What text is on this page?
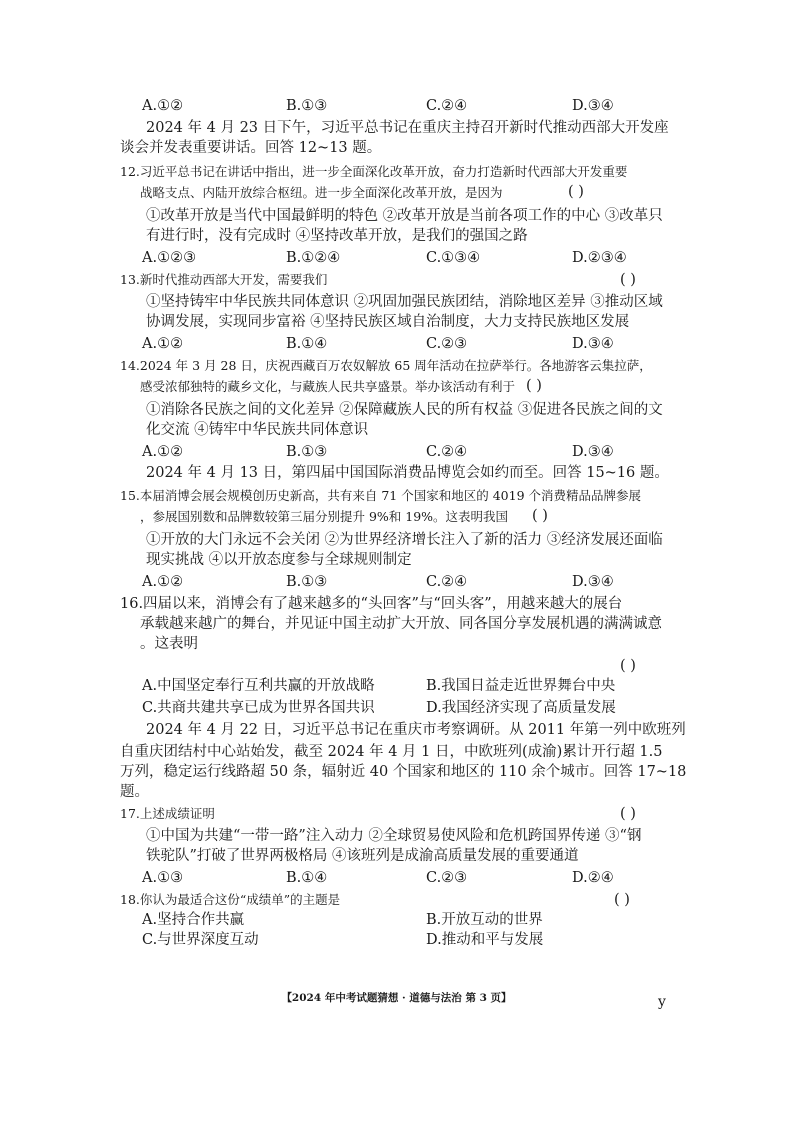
A.①②	B.①③	C.②④	D.③④
2024 年 4 月 23 日下午，习近平总书记在重庆主持召开新时代推动西部大开发座
谈会并发表重要讲话。回答 12~13 题。
12.习近平总书记在讲话中指出，进一步全面深化改革开放，奋力打造新时代西部大开发重要
战略支点、内陆开放综合枢纽。进一步全面深化改革开放，是因为	( )
①改革开放是当代中国最鲜明的特色 ②改革开放是当前各项工作的中心 ③改革只
有进行时，没有完成时 ④坚持改革开放，是我们的强国之路
A.①②③	B.①②④	C.①③④	D.②③④
13.新时代推动西部大开发，需要我们	( )
①坚持铸牢中华民族共同体意识 ②巩固加强民族团结，消除地区差异 ③推动区域
协调发展，实现同步富裕 ④坚持民族区域自治制度，大力支持民族地区发展
A.①②	B.①④	C.②③	D.③④
14.2024 年 3 月 28 日，庆祝西藏百万农奴解放 65 周年活动在拉萨举行。各地游客云集拉萨，
感受浓郁独特的藏乡文化，与藏族人民共享盛景。举办该活动有利于 ( )
①消除各民族之间的文化差异 ②保障藏族人民的所有权益 ③促进各民族之间的文
化交流 ④铸牢中华民族共同体意识
A.①②	B.①③	C.②④	D.③④
2024 年 4 月 13 日，第四届中国国际消费品博览会如约而至。回答 15~16 题。
15.本届消博会展会规模创历史新高，共有来自 71 个国家和地区的 4019 个消费精品品牌参展
，参展国别数和品牌数较第三届分别提升 9%和 19%。这表明我国 ( )
①开放的大门永远不会关闭 ②为世界经济增长注入了新的活力 ③经济发展还面临
现实挑战 ④以开放态度参与全球规则制定
A.①②	B.①③	C.②④	D.③④
16.四届以来，消博会有了越来越多的“头回客”与“回头客”，用越来越大的展台
承载越来越广的舞台，并见证中国主动扩大开放、同各国分享发展机遇的满满诚意
。这表明
( )
A.中国坚定奉行互利共赢的开放战略	B.我国日益走近世界舞台中央
C.共商共建共享已成为世界各国共识	D.我国经济实现了高质量发展
2024 年 4 月 22 日，习近平总书记在重庆市考察调研。从 2011 年第一列中欧班列
自重庆团结村中心站始发，截至 2024 年 4 月 1 日，中欧班列(成渝)累计开行超 1.5
万列，稳定运行线路超 50 条，辐射近 40 个国家和地区的 110 余个城市。回答 17~18
题。
17.上述成绩证明	( )
①中国为共建“一带一路”注入动力 ②全球贸易使风险和危机跨国界传递 ③“钢
铁驼队”打破了世界两极格局 ④该班列是成渝高质量发展的重要通道
A.①③	B.①④	C.②③	D.②④
18.你认为最适合这份“成绩单”的主题是	( )
A.坚持合作共赢	B.开放互动的世界
C.与世界深度互动	D.推动和平与发展
【2024 年中考试题猜想 · 道德与法治 第 3 页】	y
